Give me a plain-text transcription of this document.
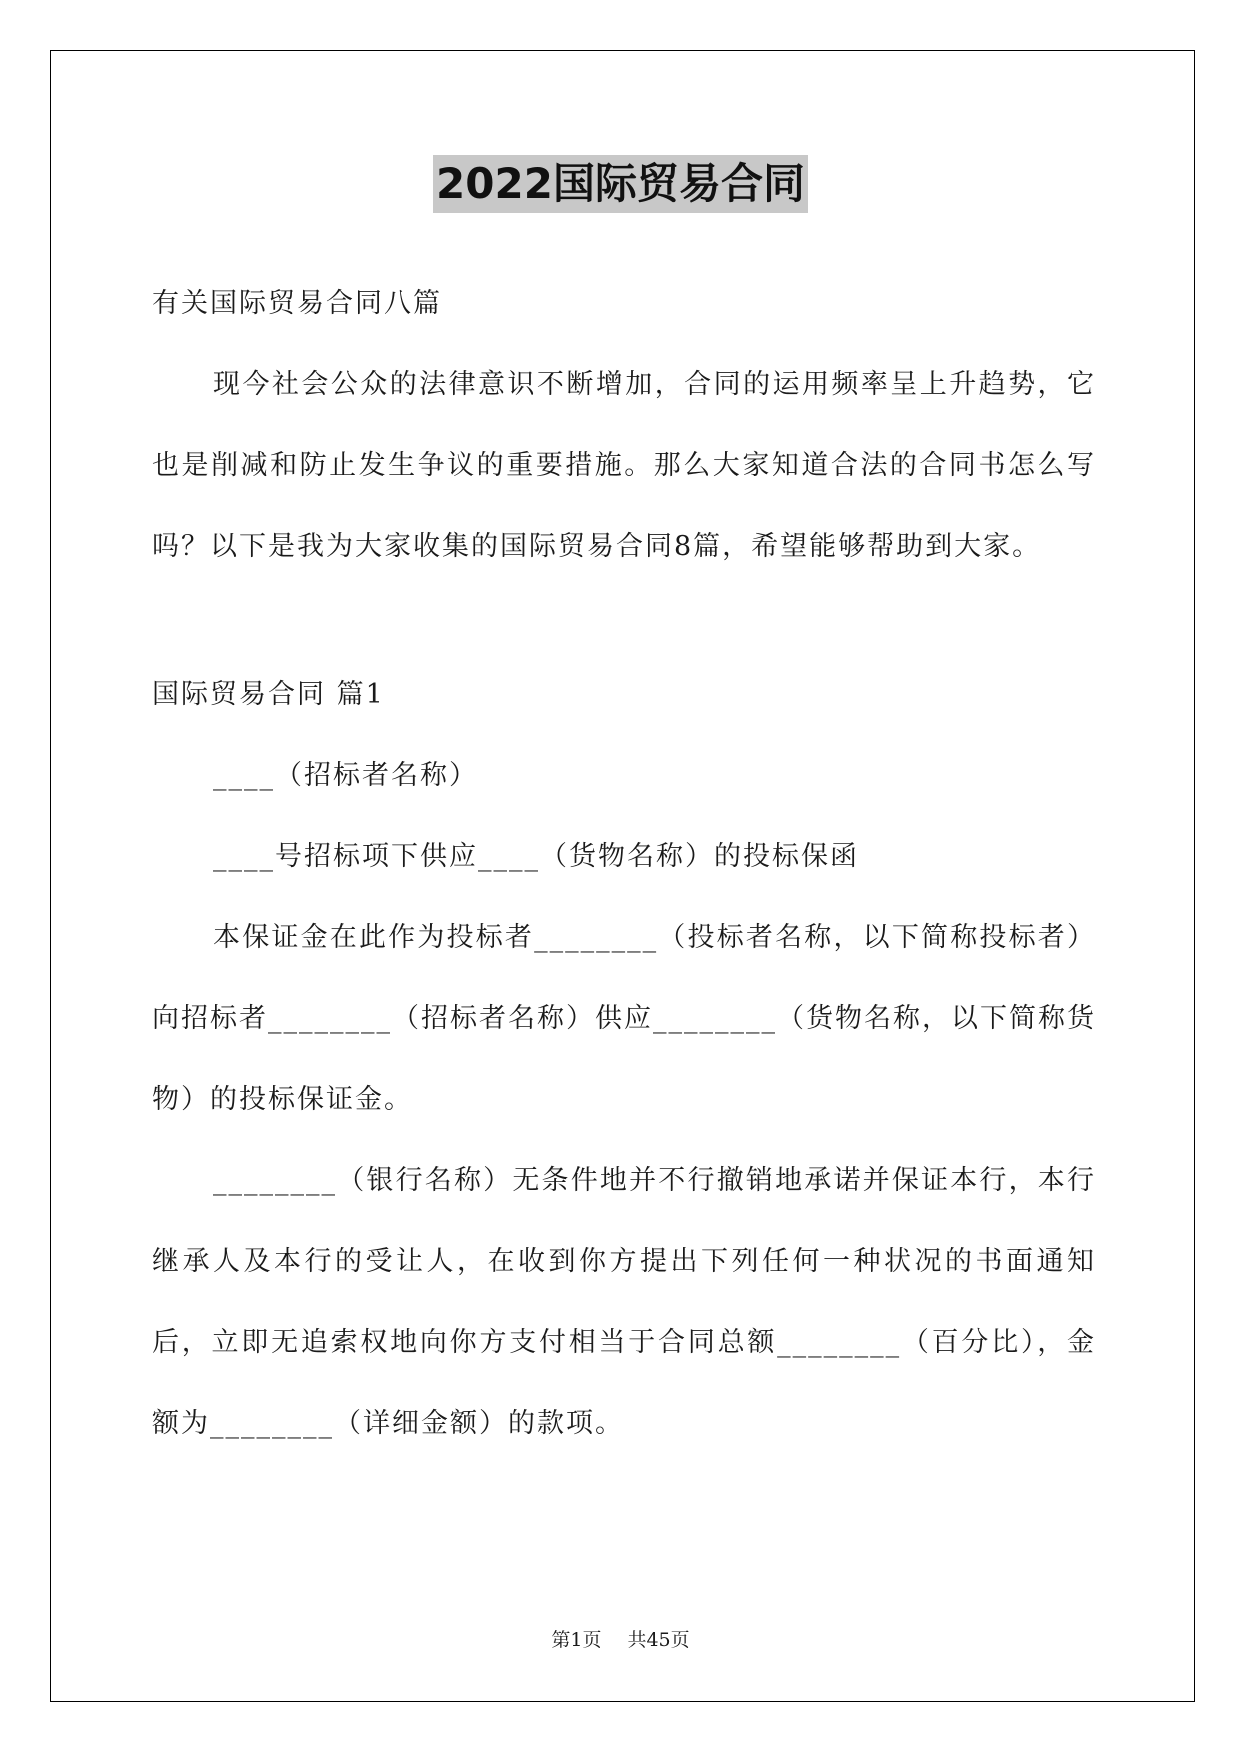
2022国际贸易合同

有关国际贸易合同八篇

现今社会公众的法律意识不断增加，合同的运用频率呈上升趋势，它也是削减和防止发生争议的重要措施。那么大家知道合法的合同书怎么写吗？以下是我为大家收集的国际贸易合同8篇，希望能够帮助到大家。

国际贸易合同 篇1

____（招标者名称）

____号招标项下供应____（货物名称）的投标保函

本保证金在此作为投标者________（投标者名称，以下简称投标者）向招标者________（招标者名称）供应________（货物名称，以下简称货物）的投标保证金。

________（银行名称）无条件地并不行撤销地承诺并保证本行，本行继承人及本行的受让人，在收到你方提出下列任何一种状况的书面通知后，立即无追索权地向你方支付相当于合同总额________（百分比），金额为________（详细金额）的款项。

第1页 共45页
